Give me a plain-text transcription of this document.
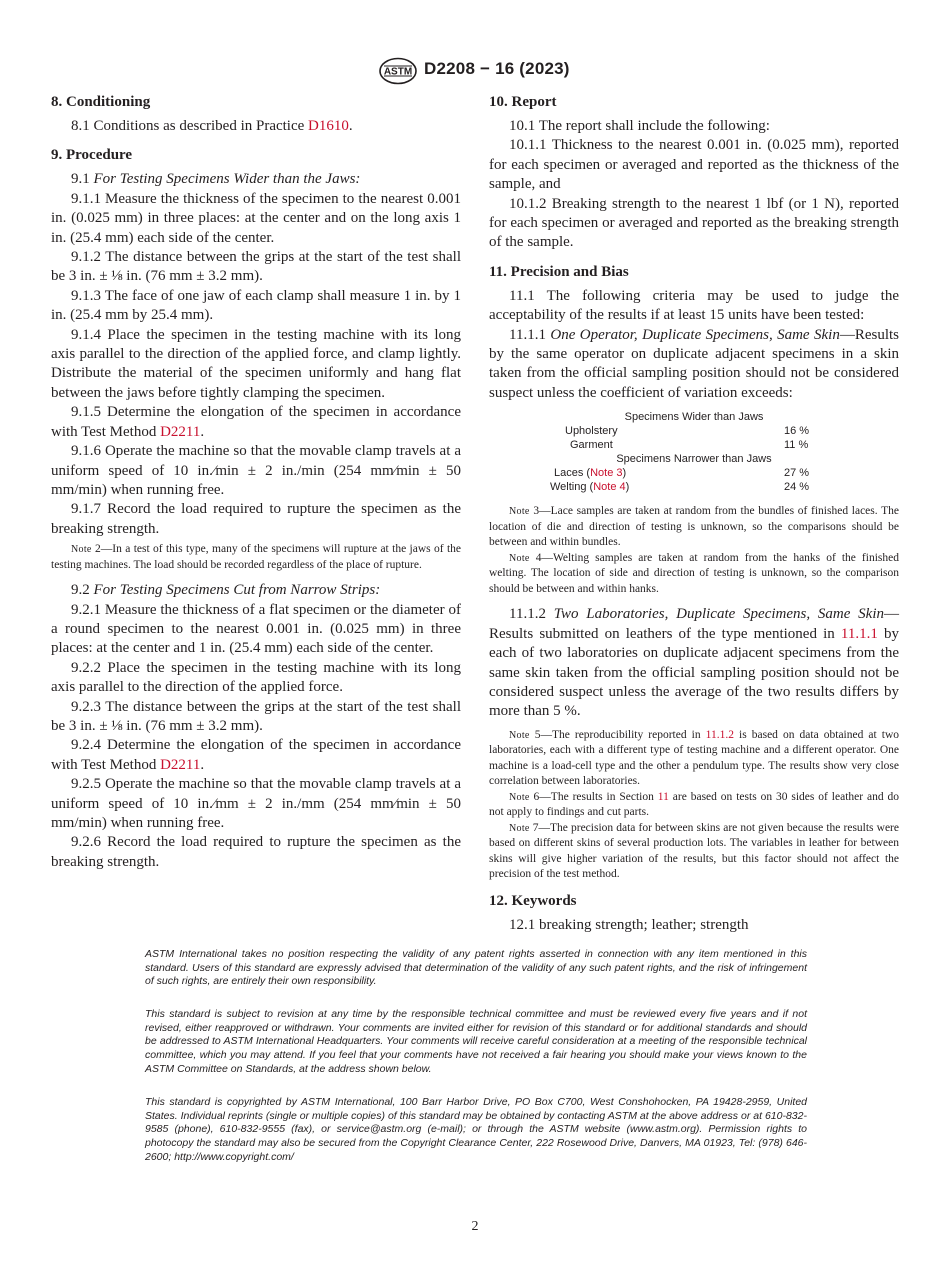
ASTM D2208 − 16 (2023)
8. Conditioning

8.1 Conditions as described in Practice D1610.

9. Procedure

9.1 For Testing Specimens Wider than the Jaws:

9.1.1 Measure the thickness of the specimen to the nearest 0.001 in. (0.025 mm) in three places: at the center and on the long axis 1 in. (25.4 mm) each side of the center.

9.1.2 The distance between the grips at the start of the test shall be 3 in. ± ⅛ in. (76 mm ± 3.2 mm).

9.1.3 The face of one jaw of each clamp shall measure 1 in. by 1 in. (25.4 mm by 25.4 mm).

9.1.4 Place the specimen in the testing machine with its long axis parallel to the direction of the applied force, and clamp lightly. Distribute the material of the specimen uniformly and hang flat between the jaws before tightly clamping the specimen.

9.1.5 Determine the elongation of the specimen in accordance with Test Method D2211.

9.1.6 Operate the machine so that the movable clamp travels at a uniform speed of 10 in.⁄min ± 2 in./min (254 mm⁄min ± 50 mm/min) when running free.

9.1.7 Record the load required to rupture the specimen as the breaking strength.

Note 2—In a test of this type, many of the specimens will rupture at the jaws of the testing machines. The load should be recorded regardless of the place of rupture.

9.2 For Testing Specimens Cut from Narrow Strips:

9.2.1 Measure the thickness of a flat specimen or the diameter of a round specimen to the nearest 0.001 in. (0.025 mm) in three places: at the center and 1 in. (25.4 mm) each side of the center.

9.2.2 Place the specimen in the testing machine with its long axis parallel to the direction of the applied force.

9.2.3 The distance between the grips at the start of the test shall be 3 in. ± ⅛ in. (76 mm ± 3.2 mm).

9.2.4 Determine the elongation of the specimen in accordance with Test Method D2211.

9.2.5 Operate the machine so that the movable clamp travels at a uniform speed of 10 in.⁄mm ± 2 in./mm (254 mm⁄min ± 50 mm/min) when running free.

9.2.6 Record the load required to rupture the specimen as the breaking strength.

10. Report

10.1 The report shall include the following:

10.1.1 Thickness to the nearest 0.001 in. (0.025 mm), reported for each specimen or averaged and reported as the thickness of the sample, and

10.1.2 Breaking strength to the nearest 1 lbf (or 1 N), reported for each specimen or averaged and reported as the breaking strength of the sample.

11. Precision and Bias

11.1 The following criteria may be used to judge the acceptability of the results if at least 15 units have been tested:

11.1.1 One Operator, Duplicate Specimens, Same Skin—Results by the same operator on duplicate adjacent specimens in a skin taken from the official sampling position should not be considered suspect unless the coefficient of variation exceeds:

Specimens Wider than Jaws
Upholstery	16 %
Garment	11 %
Specimens Narrower than Jaws
Laces (Note 3)	27 %
Welting (Note 4)	24 %

Note 3—Lace samples are taken at random from the bundles of finished laces. The location of die and direction of testing is unknown, so the comparisons should be between and within bundles.

Note 4—Welting samples are taken at random from the hanks of the finished welting. The location of side and direction of testing is unknown, so the comparison should be between and within hanks.

11.1.2 Two Laboratories, Duplicate Specimens, Same Skin—Results submitted on leathers of the type mentioned in 11.1.1 by each of two laboratories on duplicate adjacent specimens from the same skin taken from the official sampling position should not be considered suspect unless the average of the two results differs by more than 5 %.

Note 5—The reproducibility reported in 11.1.2 is based on data obtained at two laboratories, each with a different type of testing machine and a different operator. One machine is a load-cell type and the other a pendulum type. The results show very close correlation between laboratories.

Note 6—The results in Section 11 are based on tests on 30 sides of leather and do not apply to findings and cut parts.

Note 7—The precision data for between skins are not given because the results were based on different skins of several production lots. The variables in leather for between skins will give higher variation of the results, but this factor should not affect the precision of the test method.

12. Keywords

12.1 breaking strength; leather; strength

ASTM International takes no position respecting the validity of any patent rights asserted in connection with any item mentioned in this standard. Users of this standard are expressly advised that determination of the validity of any such patent rights, and the risk of infringement of such rights, are entirely their own responsibility.
This standard is subject to revision at any time by the responsible technical committee and must be reviewed every five years and if not revised, either reapproved or withdrawn. Your comments are invited either for revision of this standard or for additional standards and should be addressed to ASTM International Headquarters. Your comments will receive careful consideration at a meeting of the responsible technical committee, which you may attend. If you feel that your comments have not received a fair hearing you should make your views known to the ASTM Committee on Standards, at the address shown below.
This standard is copyrighted by ASTM International, 100 Barr Harbor Drive, PO Box C700, West Conshohocken, PA 19428-2959, United States. Individual reprints (single or multiple copies) of this standard may be obtained by contacting ASTM at the above address or at 610-832-9585 (phone), 610-832-9555 (fax), or service@astm.org (e-mail); or through the ASTM website (www.astm.org). Permission rights to photocopy the standard may also be secured from the Copyright Clearance Center, 222 Rosewood Drive, Danvers, MA 01923, Tel: (978) 646-2600; http://www.copyright.com/
2
